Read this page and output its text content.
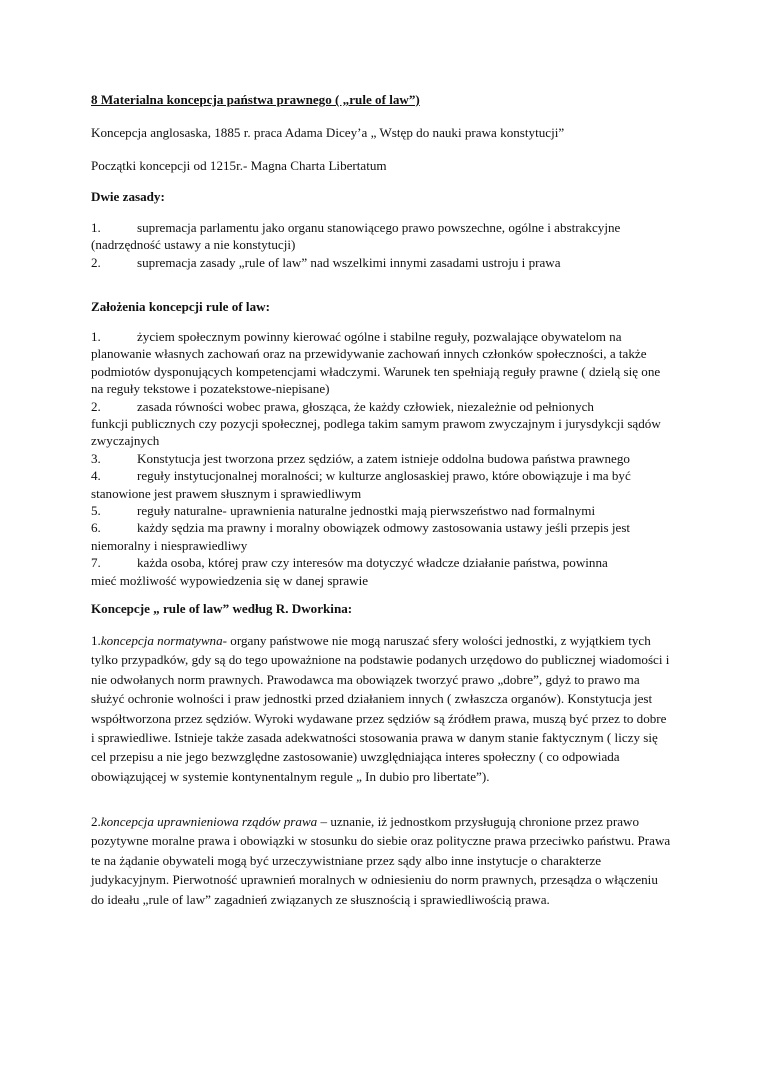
8 Materialna koncepcja państwa prawnego ( „rule of law”)
Koncepcja anglosaska, 1885 r. praca Adama Dicey’a „ Wstęp do nauki prawa konstytucji”
Początki koncepcji od 1215r.- Magna Charta Libertatum
Dwie zasady:
1.	supremacja parlamentu jako organu stanowiącego prawo powszechne, ogólne i abstrakcyjne
(nadrzędność ustawy a nie konstytucji)
2.	supremacja zasady „rule of law” nad wszelkimi innymi zasadami ustroju i prawa
Założenia koncepcji rule of law:
1.	życiem społecznym powinny kierować ogólne i stabilne reguły, pozwalające obywatelom na
planowanie własnych zachowań oraz na przewidywanie zachowań innych członków społeczności, a także podmiotów dysponujących kompetencjami władczymi. Warunek ten spełniają reguły prawne ( dzielą się one na reguły tekstowe i pozatekstowe-niepisane)
2.	zasada równości wobec prawa, głosząca, że każdy człowiek, niezależnie od pełnionych
funkcji publicznych czy pozycji społecznej, podlega takim samym prawom zwyczajnym i jurysdykcji sądów zwyczajnych
3.	Konstytucja jest tworzona przez sędziów, a zatem istnieje oddolna budowa państwa prawnego
4.	reguły instytucjonalnej moralności; w kulturze anglosaskiej prawo, które obowiązuje i ma być
stanowione jest prawem słusznym i sprawiedliwym
5.	reguły naturalne- uprawnienia naturalne jednostki mają pierwszeństwo nad formalnymi
6.	każdy sędzia ma prawny i moralny obowiązek odmowy zastosowania ustawy jeśli przepis jest
niemoralny i niesprawiedliwy
7.	każda osoba, której praw czy interesów ma dotyczyć władcze działanie państwa, powinna
mieć możliwość wypowiedzenia się w danej sprawie
Koncepcje „ rule of law” według R. Dworkina:
1.koncepcja normatywna- organy państwowe nie mogą naruszać sfery wolości jednostki, z wyjątkiem tych tylko przypadków, gdy są do tego upoważnione na podstawie podanych urzędowo do publicznej wiadomości i nie odwołanych norm prawnych. Prawodawca ma obowiązek tworzyć prawo „dobre”, gdyż to prawo ma służyć ochronie wolności i praw jednostki przed działaniem innych ( zwłaszcza organów). Konstytucja jest współtworzona przez sędziów. Wyroki wydawane przez sędziów są źródłem prawa, muszą być przez to dobre i sprawiedliwe. Istnieje także zasada adekwatności stosowania prawa w danym stanie faktycznym ( liczy się cel przepisu a nie jego bezwzględne zastosowanie) uwzględniająca interes społeczny ( co odpowiada obowiązującej w systemie kontynentalnym regule „ In dubio pro libertate”).
2.koncepcja uprawnieniowa rządów prawa – uznanie, iż jednostkom przysługują chronione przez prawo pozytywne moralne prawa i obowiązki w stosunku do siebie oraz polityczne prawa przeciwko państwu. Prawa te na żądanie obywateli mogą być urzeczywistniane przez sądy albo inne instytucje o charakterze judykacyjnym. Pierwotność uprawnień moralnych w odniesieniu do norm prawnych, przesądza o włączeniu do ideału „rule of law” zagadnień związanych ze słusznością i sprawiedliwością prawa.
